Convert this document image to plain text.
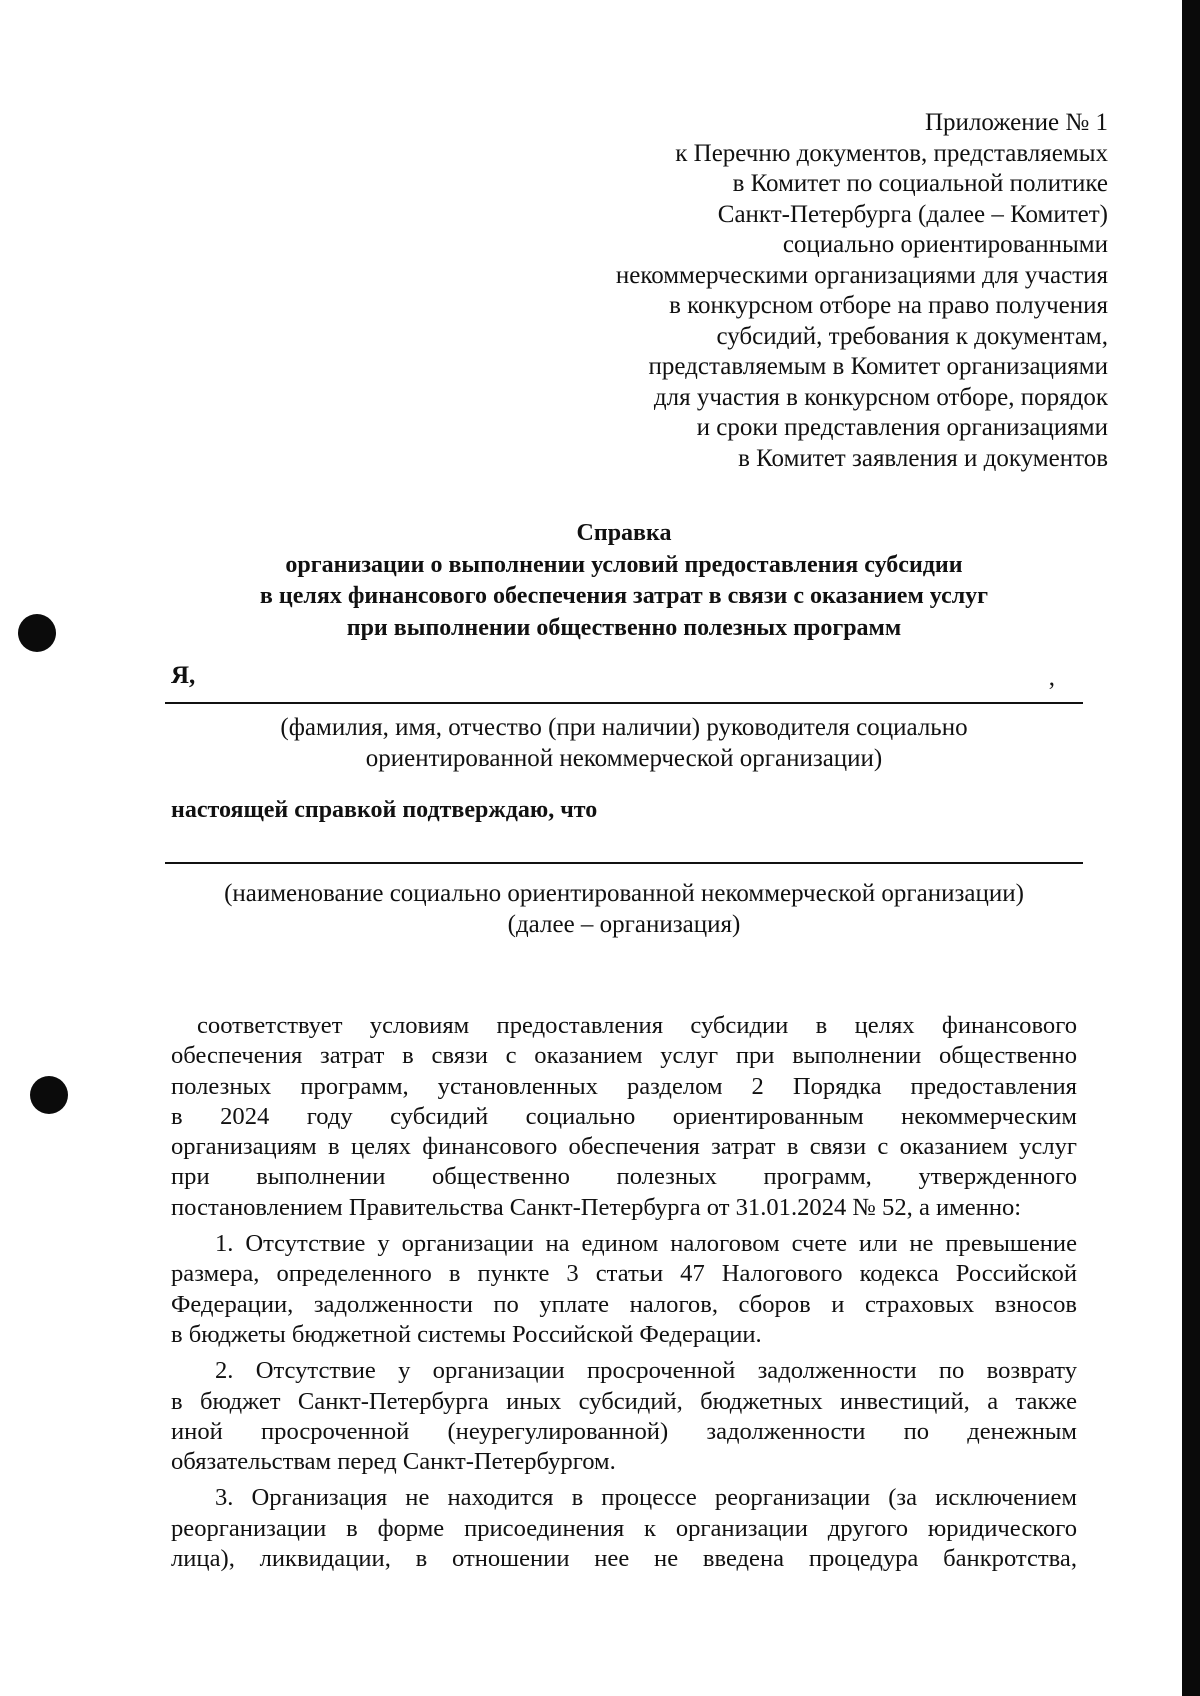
Приложение № 1
к Перечню документов, представляемых
в Комитет по социальной политике
Санкт-Петербурга (далее – Комитет)
социально ориентированными
некоммерческими организациями для участия
в конкурсном отборе на право получения
субсидий, требования к документам,
представляемым в Комитет организациями
для участия в конкурсном отборе, порядок
и сроки представления организациями
в Комитет заявления и документов
Справка
организации о выполнении условий предоставления субсидии
в целях финансового обеспечения затрат в связи с оказанием услуг
при выполнении общественно полезных программ
Я,	,
(фамилия, имя, отчество (при наличии) руководителя социально
ориентированной некоммерческой организации)
настоящей справкой подтверждаю, что
(наименование социально ориентированной некоммерческой организации)
(далее – организация)

соответствует условиям предоставления субсидии в целях финансового
обеспечения затрат в связи с оказанием услуг при выполнении общественно
полезных программ, установленных разделом 2 Порядка предоставления
в 2024 году субсидий социально ориентированным некоммерческим
организациям в целях финансового обеспечения затрат в связи с оказанием услуг
при выполнении общественно полезных программ, утвержденного
постановлением Правительства Санкт-Петербурга от 31.01.2024 № 52, а именно:

1. Отсутствие у организации на едином налоговом счете или не превышение
размера, определенного в пункте 3 статьи 47 Налогового кодекса Российской
Федерации, задолженности по уплате налогов, сборов и страховых взносов
в бюджеты бюджетной системы Российской Федерации.

2. Отсутствие у организации просроченной задолженности по возврату
в бюджет Санкт-Петербурга иных субсидий, бюджетных инвестиций, а также
иной просроченной (неурегулированной) задолженности по денежным
обязательствам перед Санкт-Петербургом.

3. Организация не находится в процессе реорганизации (за исключением
реорганизации в форме присоединения к организации другого юридического
лица), ликвидации, в отношении нее не введена процедура банкротства,
